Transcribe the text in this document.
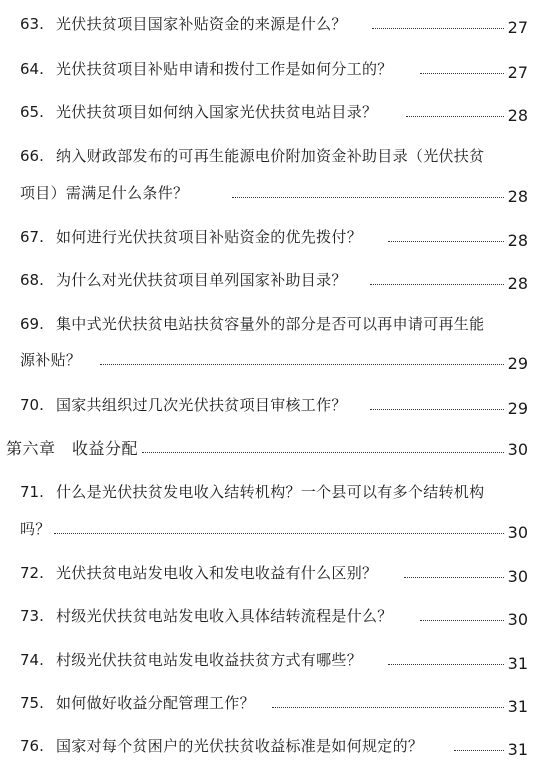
63. 光伏扶贫项目国家补贴资金的来源是什么？	27
64. 光伏扶贫项目补贴申请和拨付工作是如何分工的？	27
65. 光伏扶贫项目如何纳入国家光伏扶贫电站目录？	28
66. 纳入财政部发布的可再生能源电价附加资金补助目录（光伏扶贫
项目）需满足什么条件？	28
67. 如何进行光伏扶贫项目补贴资金的优先拨付？	28
68. 为什么对光伏扶贫项目单列国家补助目录？	28
69. 集中式光伏扶贫电站扶贫容量外的部分是否可以再申请可再生能
源补贴？	29
70. 国家共组织过几次光伏扶贫项目审核工作？	29
第六章　收益分配	30
71. 什么是光伏扶贫发电收入结转机构？一个县可以有多个结转机构
吗？	30
72. 光伏扶贫电站发电收入和发电收益有什么区别？	30
73. 村级光伏扶贫电站发电收入具体结转流程是什么？	30
74. 村级光伏扶贫电站发电收益扶贫方式有哪些？	31
75. 如何做好收益分配管理工作？	31
76. 国家对每个贫困户的光伏扶贫收益标准是如何规定的？	31
